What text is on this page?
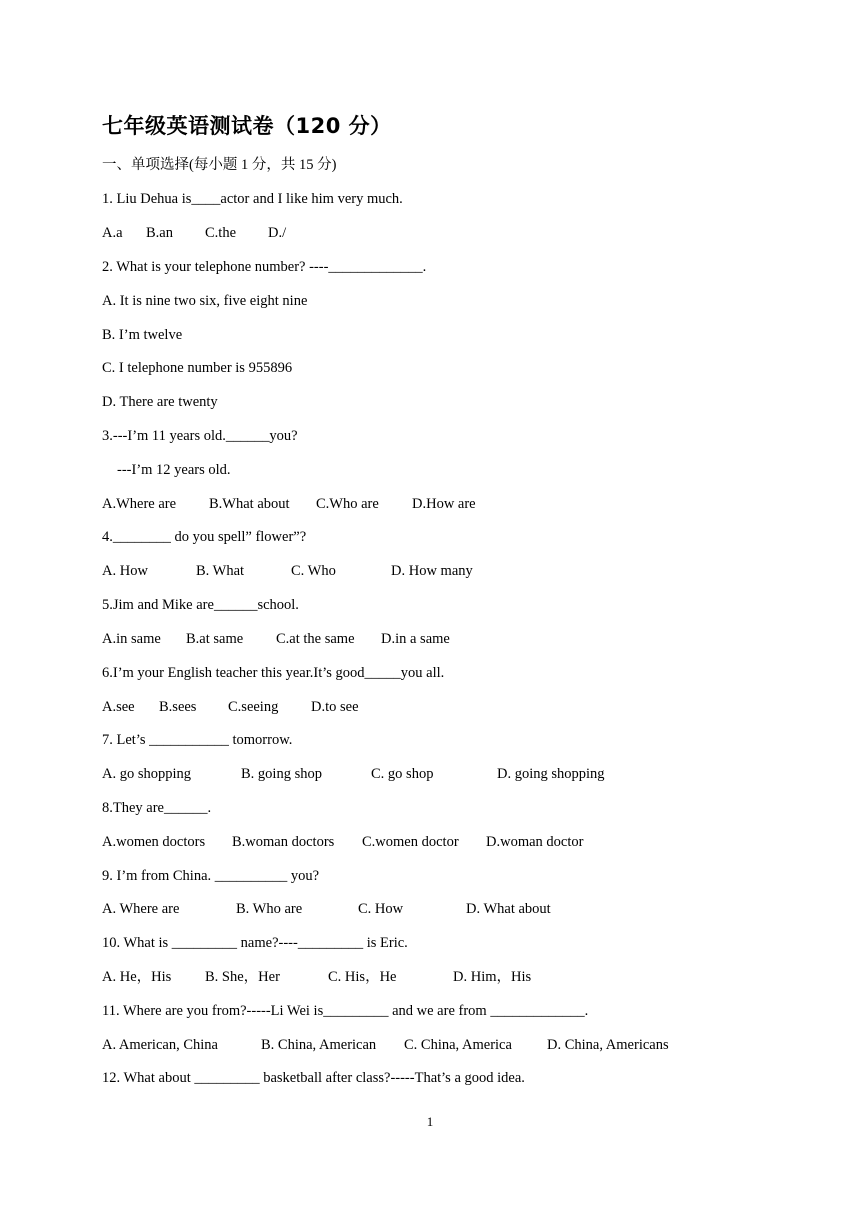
七年级英语测试卷（120 分）
一、单项选择(每小题 1 分，共 15 分)
1. Liu Dehua is____actor and I like him very much.
A.a B.an C.the D./
2. What is your telephone number? ----_____________.
A. It is nine two six, five eight nine
B. I’m twelve
C. I telephone number is 955896
D. There are twenty
3.---I’m 11 years old.______you?
---I’m 12 years old.
A.Where are B.What about C.Who are D.How are
4.________ do you spell” flower”?
A. How	B. What	C. Who	D. How many
5.Jim and Mike are______school.
A.in same B.at same C.at the same D.in a same
6.I’m your English teacher this year.It’s good_____you all.
A.see B.sees C.seeing D.to see
7. Let’s ___________ tomorrow.
A. go shopping	B. going shop	C. go shop	D. going shopping
8.They are______.
A.women doctors B.woman doctors C.women doctor D.woman doctor
9. I’m from China. __________ you?
A. Where are	B. Who are	C. How	D. What about
10. What is _________ name?----_________ is Eric.
A. He，His B. She，Her	C. His，He	D. Him，His
11. Where are you from?-----Li Wei is_________ and we are from _____________.
A. American, China	B. China, American C. China, America D. China, Americans
12. What about _________ basketball after class?-----That’s a good idea.
1
